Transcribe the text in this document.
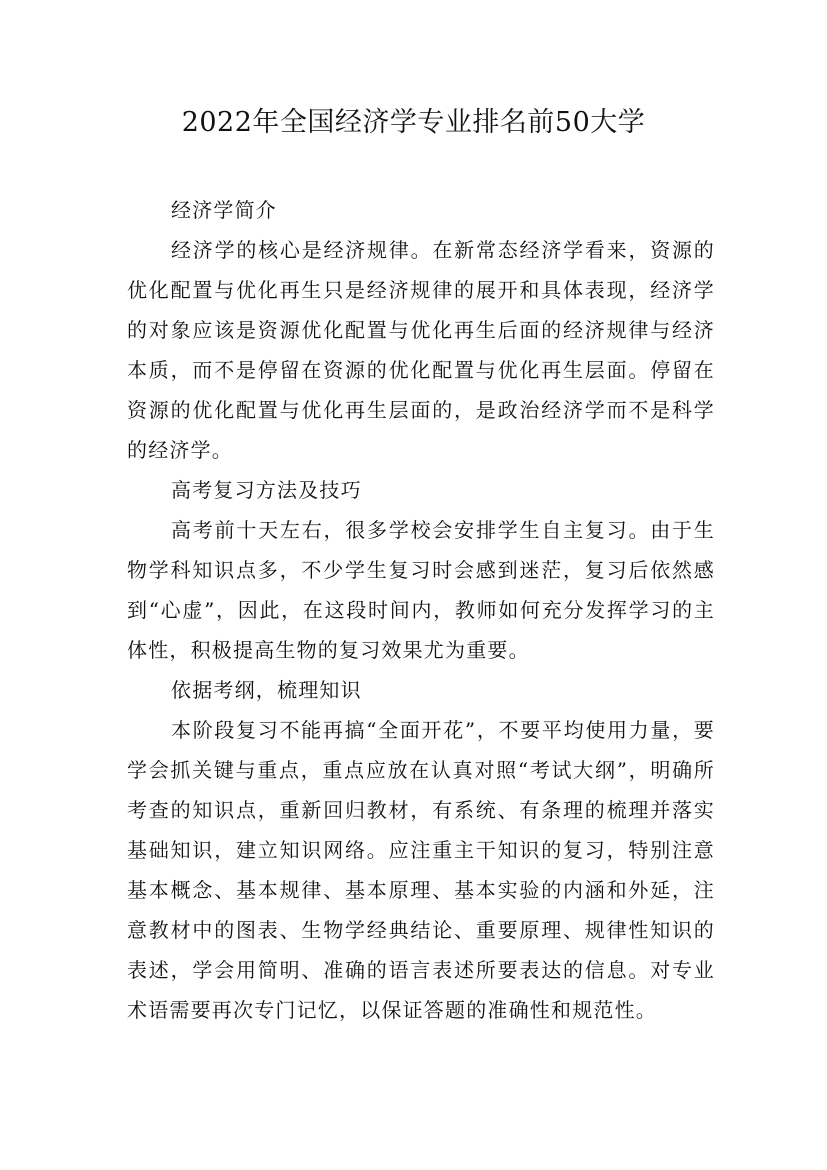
2022年全国经济学专业排名前50大学

经济学简介

经济学的核心是经济规律。在新常态经济学看来，资源的优化配置与优化再生只是经济规律的展开和具体表现，经济学的对象应该是资源优化配置与优化再生后面的经济规律与经济本质，而不是停留在资源的优化配置与优化再生层面。停留在资源的优化配置与优化再生层面的，是政治经济学而不是科学的经济学。

高考复习方法及技巧

高考前十天左右，很多学校会安排学生自主复习。由于生物学科知识点多，不少学生复习时会感到迷茫，复习后依然感到“心虚”，因此，在这段时间内，教师如何充分发挥学习的主体性，积极提高生物的复习效果尤为重要。

依据考纲，梳理知识

本阶段复习不能再搞“全面开花”，不要平均使用力量，要学会抓关键与重点，重点应放在认真对照“考试大纲”，明确所考查的知识点，重新回归教材，有系统、有条理的梳理并落实基础知识，建立知识网络。应注重主干知识的复习，特别注意基本概念、基本规律、基本原理、基本实验的内涵和外延，注意教材中的图表、生物学经典结论、重要原理、规律性知识的表述，学会用简明、准确的语言表述所要表达的信息。对专业术语需要再次专门记忆，以保证答题的准确性和规范性。
